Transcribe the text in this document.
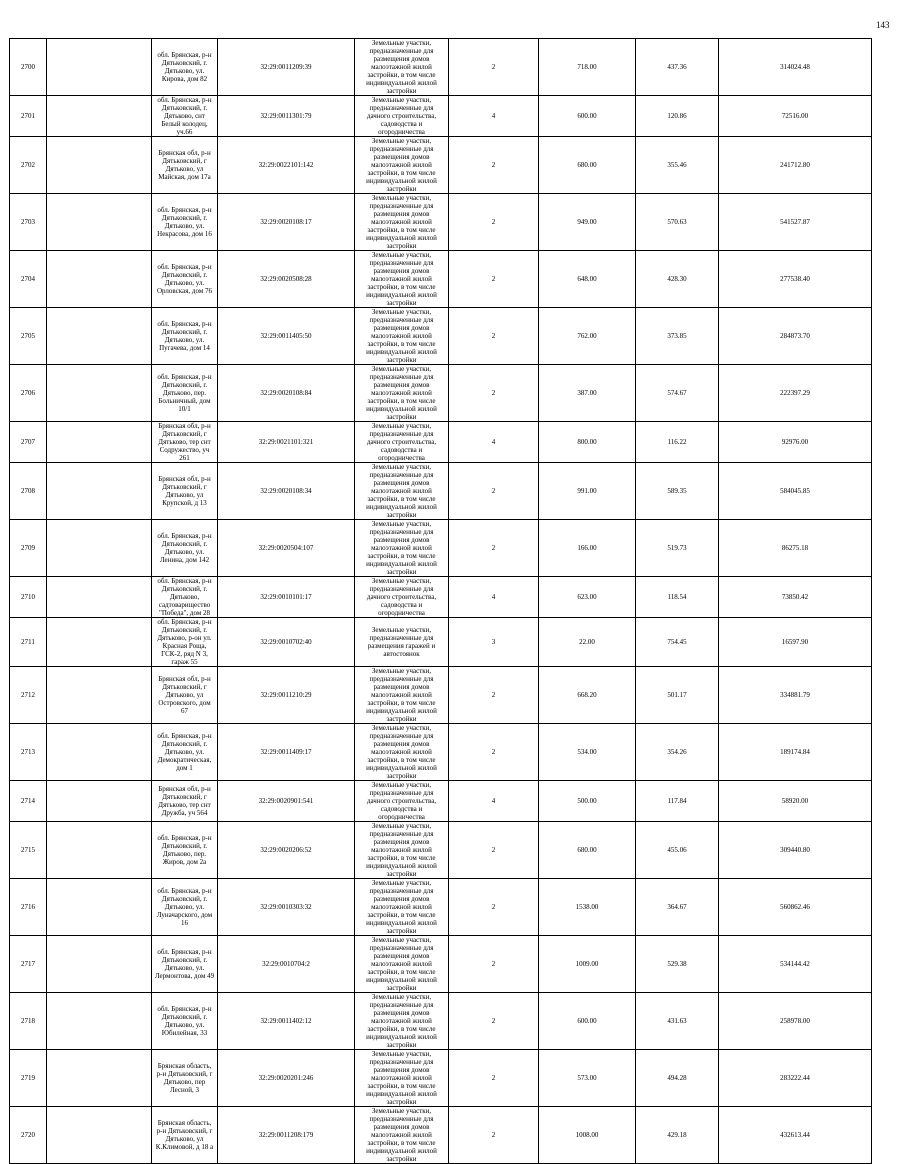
143
2700		обл. Брянская, р-н Дятьковский, г. Дятьково, ул. Кирова, дом 82	32:29:0011209:39	Земельные участки, предназначенные для размещения домов малоэтажной жилой застройки, в том числе индивидуальной жилой застройки	2	718.00	437.36	314024.48
2701		обл. Брянская, р-н Дятьковский, г. Дятьково, снт Белый колодец, уч.66	32:29:0011301:79	Земельные участки, предназначенные для дачного строительства, садоводства и огородничества	4	600.00	120.86	72516.00
2702		Брянская обл, р-н Дятьковский, г Дятьково, ул Майская, дом 17а	32:29:0022101:142	Земельные участки, предназначенные для размещения домов малоэтажной жилой застройки, в том числе индивидуальной жилой застройки	2	680.00	355.46	241712.80
2703		обл. Брянская, р-н Дятьковский, г. Дятьково, ул. Некрасова, дом 16	32:29:0020108:17	Земельные участки, предназначенные для размещения домов малоэтажной жилой застройки, в том числе индивидуальной жилой застройки	2	949.00	570.63	541527.87
2704		обл. Брянская, р-н Дятьковский, г. Дятьково, ул. Орловская, дом 76	32:29:0020508:28	Земельные участки, предназначенные для размещения домов малоэтажной жилой застройки, в том числе индивидуальной жилой застройки	2	648.00	428.30	277538.40
2705		обл. Брянская, р-н Дятьковский, г. Дятьково, ул. Пугачева, дом 14	32:29:0011405:50	Земельные участки, предназначенные для размещения домов малоэтажной жилой застройки, в том числе индивидуальной жилой застройки	2	762.00	373.85	284873.70
2706		обл. Брянская, р-н Дятьковский, г. Дятьково, пер. Больничный, дом 10/1	32:29:0020108:84	Земельные участки, предназначенные для размещения домов малоэтажной жилой застройки, в том числе индивидуальной жилой застройки	2	387.00	574.67	222397.29
2707		Брянская обл, р-н Дятьковский, г Дятьково, тер снт Содружество, уч 261	32:29:0021101:321	Земельные участки, предназначенные для дачного строительства, садоводства и огородничества	4	800.00	116.22	92976.00
2708		Брянская обл, р-н Дятьковский, г Дятьково, ул Крупской, д 13	32:29:0020108:34	Земельные участки, предназначенные для размещения домов малоэтажной жилой застройки, в том числе индивидуальной жилой застройки	2	991.00	589.35	584045.85
2709		обл. Брянская, р-н Дятьковский, г. Дятьково, ул. Ленина, дом 142	32:29:0020504:107	Земельные участки, предназначенные для размещения домов малоэтажной жилой застройки, в том числе индивидуальной жилой застройки	2	166.00	519.73	86275.18
2710		обл. Брянская, р-н Дятьковский, г. Дятьково, садтоварищество "Победа", дом 28	32:29:0010101:17	Земельные участки, предназначенные для дачного строительства, садоводства и огородничества	4	623.00	118.54	73850.42
2711		обл. Брянская, р-н Дятьковский, г. Дятьково, р-он ул. Красная Роща, ГСК-2, ряд N 3, гараж 55	32:29:0010702:40	Земельные участки, предназначенные для размещения гаражей и автостоянок	3	22.00	754.45	16597.90
2712		Брянская обл, р-н Дятьковский, г Дятьково, ул Островского, дом 67	32:29:0011210:29	Земельные участки, предназначенные для размещения домов малоэтажной жилой застройки, в том числе индивидуальной жилой застройки	2	668.20	501.17	334881.79
2713		обл. Брянская, р-н Дятьковский, г. Дятьково, ул. Демократическая, дом 1	32:29:0011409:17	Земельные участки, предназначенные для размещения домов малоэтажной жилой застройки, в том числе индивидуальной жилой застройки	2	534.00	354.26	189174.84
2714		Брянская обл, р-н Дятьковский, г Дятьково, тер снт Дружба, уч 564	32:29:0020901:541	Земельные участки, предназначенные для дачного строительства, садоводства и огородничества	4	500.00	117.84	58920.00
2715		обл. Брянская, р-н Дятьковский, г. Дятьково, пер. Жиров, дом 2а	32:29:0020206:52	Земельные участки, предназначенные для размещения домов малоэтажной жилой застройки, в том числе индивидуальной жилой застройки	2	680.00	455.06	309440.80
2716		обл. Брянская, р-н Дятьковский, г. Дятьково, ул. Луначарского, дом 16	32:29:0010303:32	Земельные участки, предназначенные для размещения домов малоэтажной жилой застройки, в том числе индивидуальной жилой застройки	2	1538.00	364.67	560862.46
2717		обл. Брянская, р-н Дятьковский, г. Дятьково, ул. Лермонтова, дом 49	32:29:0010704:2	Земельные участки, предназначенные для размещения домов малоэтажной жилой застройки, в том числе индивидуальной жилой застройки	2	1009.00	529.38	534144.42
2718		обл. Брянская, р-н Дятьковский, г. Дятьково, ул. Юбилейная, 33	32:29:0011402:12	Земельные участки, предназначенные для размещения домов малоэтажной жилой застройки, в том числе индивидуальной жилой застройки	2	600.00	431.63	258978.00
2719		Брянская область, р-н Дятьковский, г Дятьково, пер Лесной, 3	32:29:0020201:246	Земельные участки, предназначенные для размещения домов малоэтажной жилой застройки, в том числе индивидуальной жилой застройки	2	573.00	494.28	283222.44
2720		Брянская область, р-н Дятьковский, г Дятьково, ул К.Климовой, д 18 а	32:29:0011208:179	Земельные участки, предназначенные для размещения домов малоэтажной жилой застройки, в том числе индивидуальной жилой застройки	2	1008.00	429.18	432613.44
